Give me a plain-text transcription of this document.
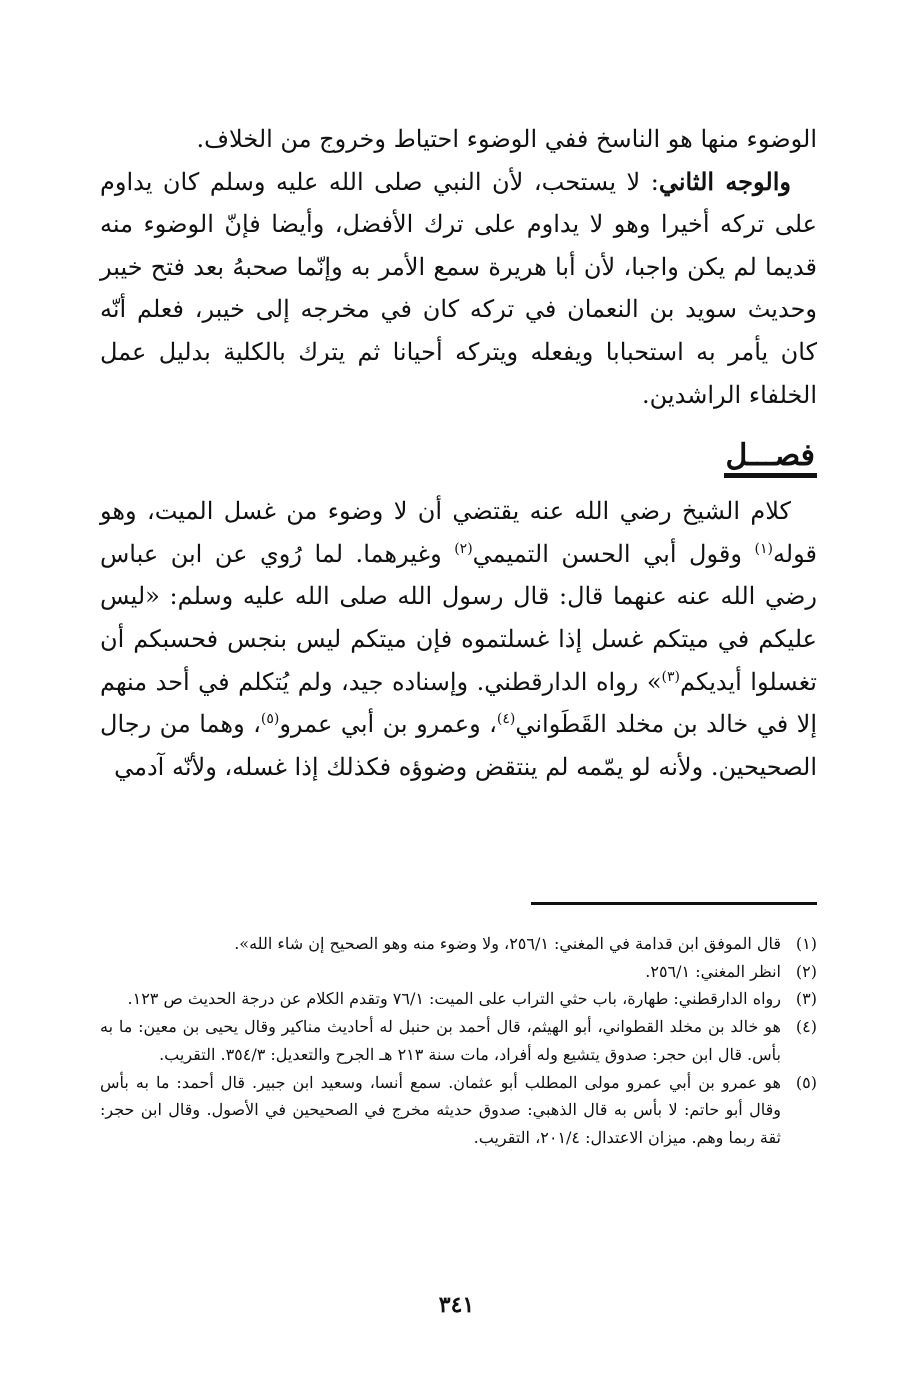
الوضوء منها هو الناسخ ففي الوضوء احتياط وخروج من الخلاف.

والوجه الثاني: لا يستحب، لأن النبي صلى الله عليه وسلم كان يداوم على تركه أخيرا وهو لا يداوم على ترك الأفضل، وأيضا فإنّ الوضوء منه قديما لم يكن واجبا، لأن أبا هريرة سمع الأمر به وإنّما صحبهُ بعد فتح خيبر وحديث سويد بن النعمان في تركه كان في مخرجه إلى خيبر، فعلم أنّه كان يأمر به استحبابا ويفعله ويتركه أحيانا ثم يترك بالكلية بدليل عمل الخلفاء الراشدين.

فصـــل

كلام الشيخ رضي الله عنه يقتضي أن لا وضوء من غسل الميت، وهو قوله$^{(١)}$ وقول أبي الحسن التميمي$^{(٢)}$ وغيرهما. لما رُوي عن ابن عباس رضي الله عنه عنهما قال: قال رسول الله صلى الله عليه وسلم: «ليس عليكم في ميتكم غسل إذا غسلتموه فإن ميتكم ليس بنجس فحسبكم أن تغسلوا أيديكم$^{(٣)}$» رواه الدارقطني. وإسناده جيد، ولم يُتكلم في أحد منهم إلا في خالد بن مخلد القَطَواني$^{(٤)}$، وعمرو بن أبي عمرو$^{(٥)}$، وهما من رجال الصحيحين. ولأنه لو يمّمه لم ينتقض وضوؤه فكذلك إذا غسله، ولأنّه آدمي

(١)قال الموفق ابن قدامة في المغني: ٢٥٦/١، ولا وضوء منه وهو الصحيح إن شاء الله».

(٢)انظر المغني: ٢٥٦/١.

(٣)رواه الدارقطني: طهارة، باب حثي التراب على الميت: ٧٦/١ وتقدم الكلام عن درجة الحديث ص ١٢٣.

(٤)هو خالد بن مخلد القطواني، أبو الهيثم، قال أحمد بن حنبل له أحاديث مناكير وقال يحيى بن معين: ما به بأس. قال ابن حجر: صدوق يتشيع وله أفراد، مات سنة ٢١٣ هـ الجرح والتعديل: ٣٥٤/٣. التقريب.

(٥)هو عمرو بن أبي عمرو مولى المطلب أبو عثمان. سمع أنسا، وسعيد ابن جبير. قال أحمد: ما به بأس وقال أبو حاتم: لا بأس به قال الذهبي: صدوق حديثه مخرج في الصحيحين في الأصول. وقال ابن حجر: ثقة ربما وهم. ميزان الاعتدال: ٢٠١/٤، التقريب.

٣٤١
